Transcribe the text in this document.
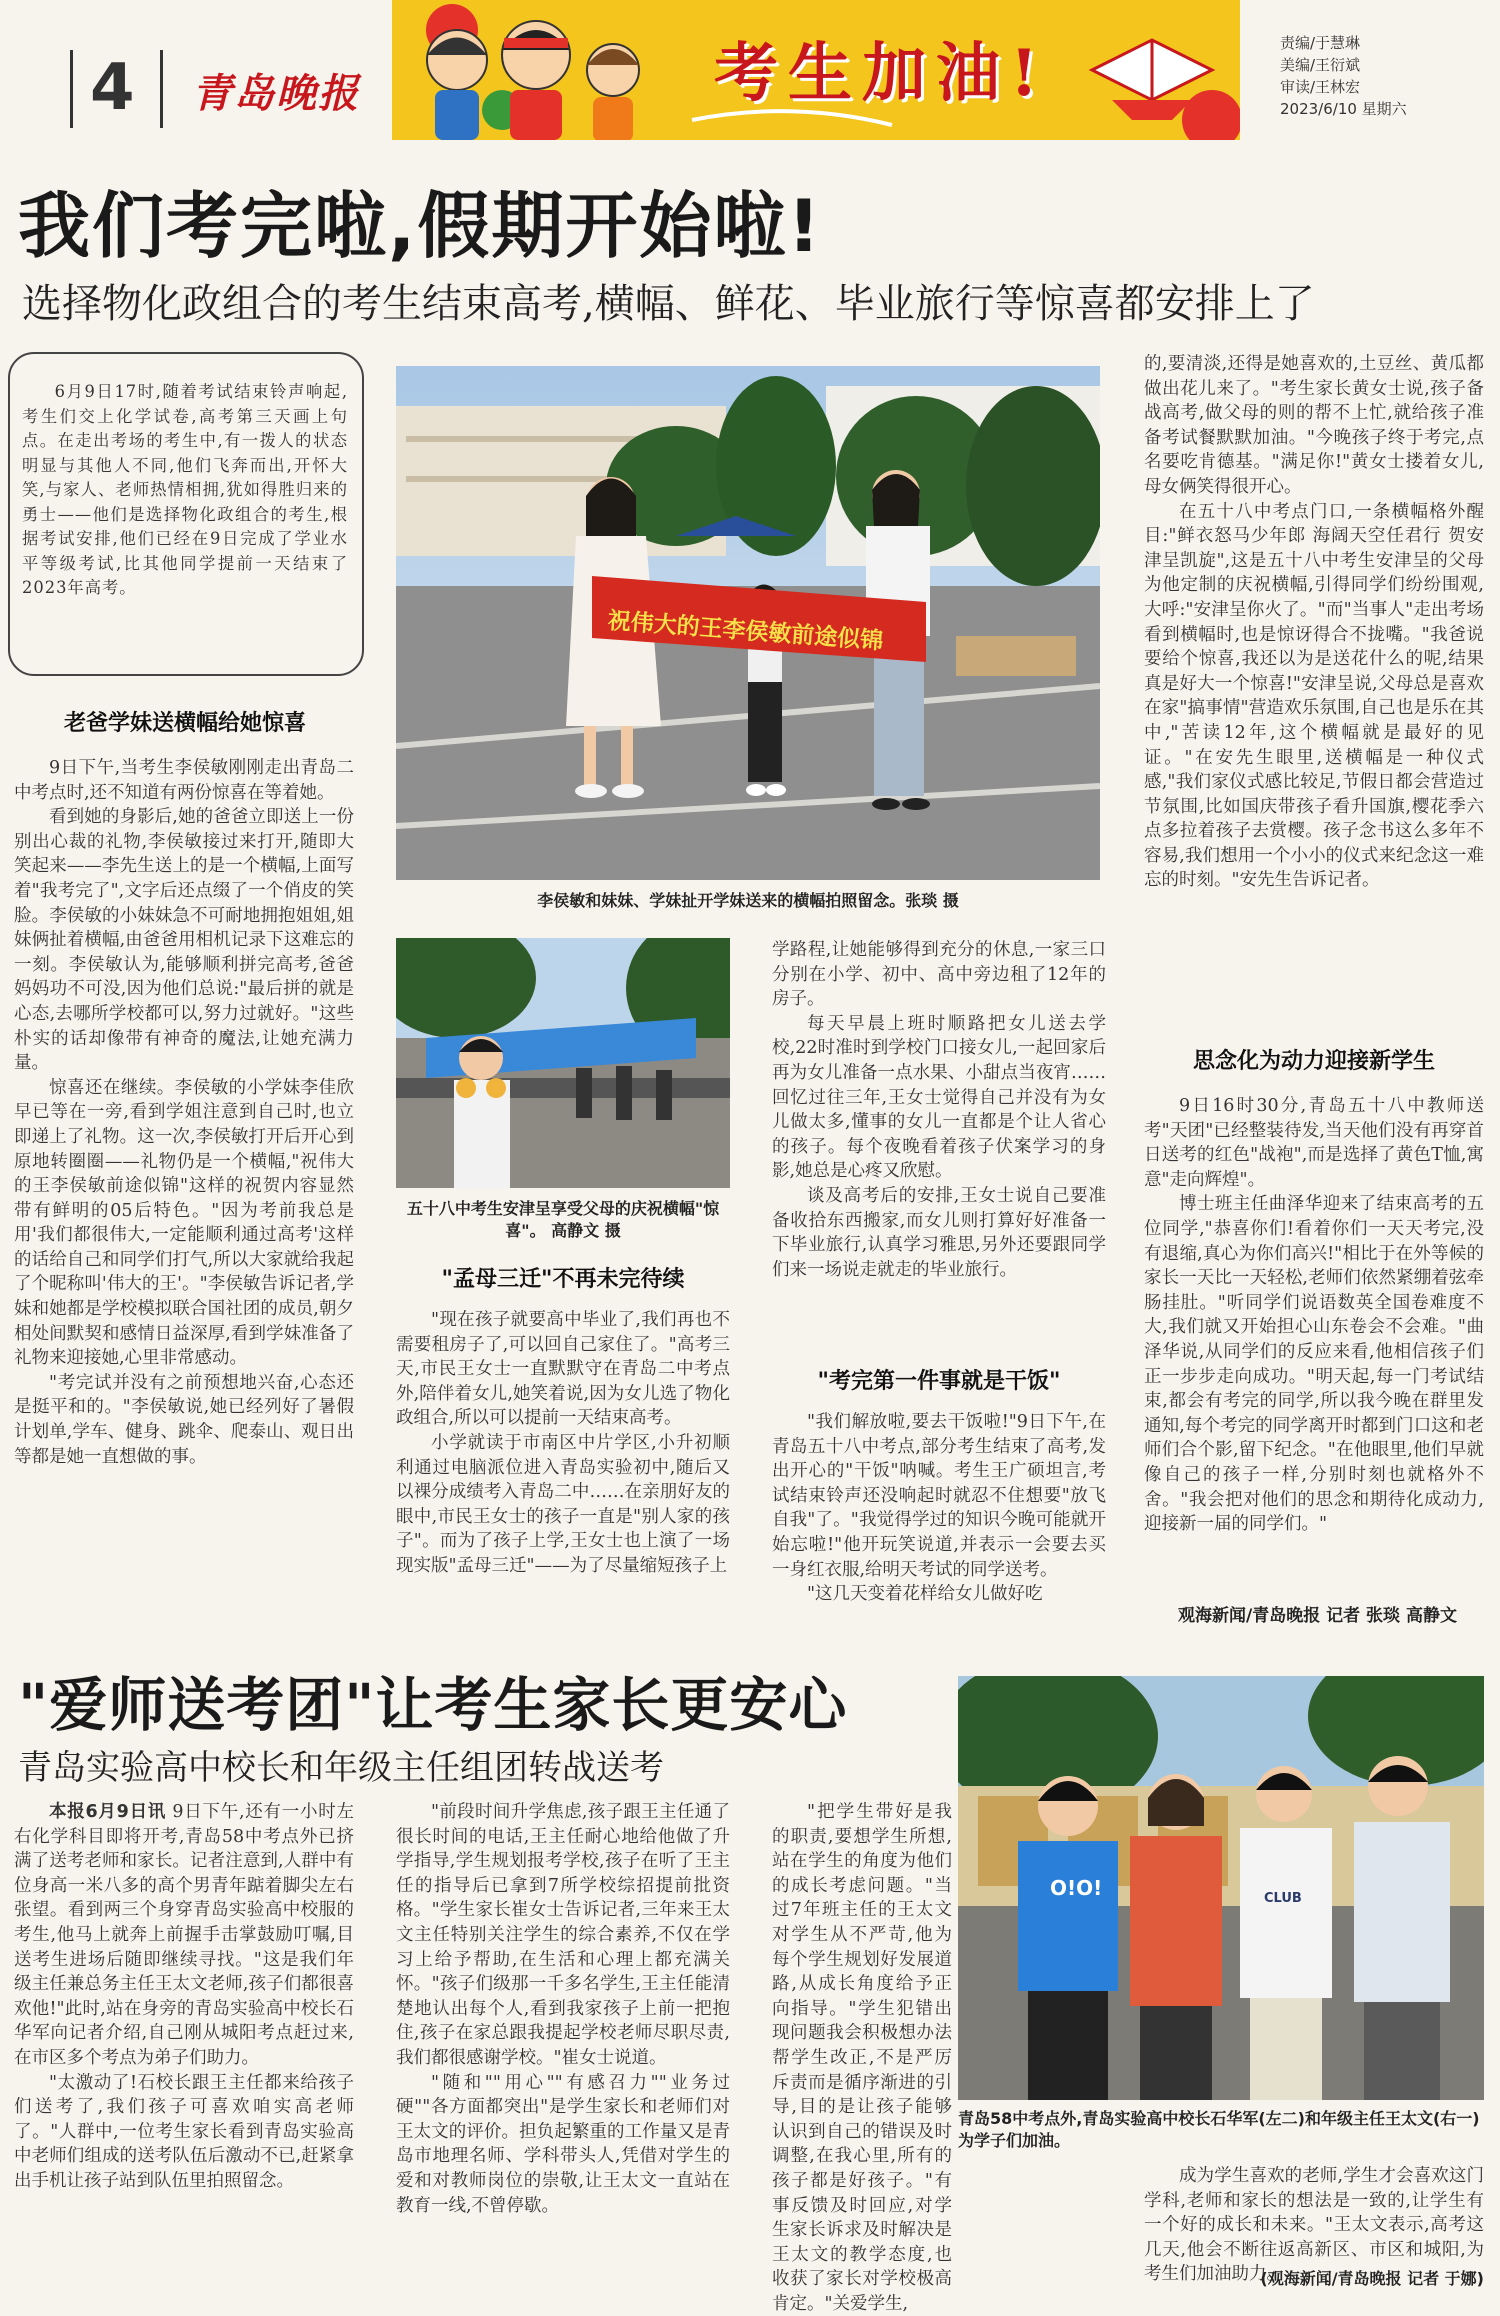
4 青岛晚报	考生加油!	责编/于慧琳
美编/王衍斌
审读/王林宏
2023/6/10 星期六
我们考完啦,假期开始啦!
选择物化政组合的考生结束高考,横幅、鲜花、毕业旅行等惊喜都安排上了
6月9日17时,随着考试结束铃声响起,考生们交上化学试卷,高考第三天画上句点。在走出考场的考生中,有一拨人的状态明显与其他人不同,他们飞奔而出,开怀大笑,与家人、老师热情相拥,犹如得胜归来的勇士——他们是选择物化政组合的考生,根据考试安排,他们已经在9日完成了学业水平等级考试,比其他同学提前一天结束了2023年高考。
老爸学妹送横幅给她惊喜

9日下午,当考生李侯敏刚刚走出青岛二中考点时,还不知道有两份惊喜在等着她。

看到她的身影后,她的爸爸立即送上一份别出心裁的礼物,李侯敏接过来打开,随即大笑起来——李先生送上的是一个横幅,上面写着"我考完了",文字后还点缀了一个俏皮的笑脸。李侯敏的小妹妹急不可耐地拥抱姐姐,姐妹俩扯着横幅,由爸爸用相机记录下这难忘的一刻。李侯敏认为,能够顺利拼完高考,爸爸妈妈功不可没,因为他们总说:"最后拼的就是心态,去哪所学校都可以,努力过就好。"这些朴实的话却像带有神奇的魔法,让她充满力量。

惊喜还在继续。李侯敏的小学妹李佳欣早已等在一旁,看到学姐注意到自己时,也立即递上了礼物。这一次,李侯敏打开后开心到原地转圈圈——礼物仍是一个横幅,"祝伟大的王李侯敏前途似锦"这样的祝贺内容显然带有鲜明的05后特色。"因为考前我总是用'我们都很伟大,一定能顺利通过高考'这样的话给自己和同学们打气,所以大家就给我起了个昵称叫'伟大的王'。"李侯敏告诉记者,学妹和她都是学校模拟联合国社团的成员,朝夕相处间默契和感情日益深厚,看到学妹准备了礼物来迎接她,心里非常感动。

"考完试并没有之前预想地兴奋,心态还是挺平和的。"李侯敏说,她已经列好了暑假计划单,学车、健身、跳伞、爬泰山、观日出等都是她一直想做的事。

祝伟大的王李侯敏前途似锦
李侯敏和妹妹、学妹扯开学妹送来的横幅拍照留念。张琰 摄
五十八中考生安津呈享受父母的庆祝横幅"惊喜"。 高静文 摄
"孟母三迁"不再未完待续

"现在孩子就要高中毕业了,我们再也不需要租房子了,可以回自己家住了。"高考三天,市民王女士一直默默守在青岛二中考点外,陪伴着女儿,她笑着说,因为女儿选了物化政组合,所以可以提前一天结束高考。

小学就读于市南区中片学区,小升初顺利通过电脑派位进入青岛实验初中,随后又以裸分成绩考入青岛二中……在亲朋好友的眼中,市民王女士的孩子一直是"别人家的孩子"。而为了孩子上学,王女士也上演了一场现实版"孟母三迁"——为了尽量缩短孩子上

学路程,让她能够得到充分的休息,一家三口分别在小学、初中、高中旁边租了12年的房子。

每天早晨上班时顺路把女儿送去学校,22时准时到学校门口接女儿,一起回家后再为女儿准备一点水果、小甜点当夜宵……回忆过往三年,王女士觉得自己并没有为女儿做太多,懂事的女儿一直都是个让人省心的孩子。每个夜晚看着孩子伏案学习的身影,她总是心疼又欣慰。

谈及高考后的安排,王女士说自己要准备收拾东西搬家,而女儿则打算好好准备一下毕业旅行,认真学习雅思,另外还要跟同学们来一场说走就走的毕业旅行。

"考完第一件事就是干饭"

"我们解放啦,要去干饭啦!"9日下午,在青岛五十八中考点,部分考生结束了高考,发出开心的"干饭"呐喊。考生王广硕坦言,考试结束铃声还没响起时就忍不住想要"放飞自我"了。"我觉得学过的知识今晚可能就开始忘啦!"他开玩笑说道,并表示一会要去买一身红衣服,给明天考试的同学送考。

"这几天变着花样给女儿做好吃

的,要清淡,还得是她喜欢的,土豆丝、黄瓜都做出花儿来了。"考生家长黄女士说,孩子备战高考,做父母的则的帮不上忙,就给孩子准备考试餐默默加油。"今晚孩子终于考完,点名要吃肯德基。"满足你!"黄女士搂着女儿,母女俩笑得很开心。

在五十八中考点门口,一条横幅格外醒目:"鲜衣怒马少年郎 海阔天空任君行 贺安津呈凯旋",这是五十八中考生安津呈的父母为他定制的庆祝横幅,引得同学们纷纷围观,大呼:"安津呈你火了。"而"当事人"走出考场看到横幅时,也是惊讶得合不拢嘴。"我爸说要给个惊喜,我还以为是送花什么的呢,结果真是好大一个惊喜!"安津呈说,父母总是喜欢在家"搞事情"营造欢乐氛围,自己也是乐在其中,"苦读12年,这个横幅就是最好的见证。"在安先生眼里,送横幅是一种仪式感,"我们家仪式感比较足,节假日都会营造过节氛围,比如国庆带孩子看升国旗,樱花季六点多拉着孩子去赏樱。孩子念书这么多年不容易,我们想用一个小小的仪式来纪念这一难忘的时刻。"安先生告诉记者。

思念化为动力迎接新学生

9日16时30分,青岛五十八中教师送考"天团"已经整装待发,当天他们没有再穿首日送考的红色"战袍",而是选择了黄色T恤,寓意"走向辉煌"。

博士班主任曲泽华迎来了结束高考的五位同学,"恭喜你们!看着你们一天天考完,没有退缩,真心为你们高兴!"相比于在外等候的家长一天比一天轻松,老师们依然紧绷着弦牵肠挂肚。"听同学们说语数英全国卷难度不大,我们就又开始担心山东卷会不会难。"曲泽华说,从同学们的反应来看,他相信孩子们正一步步走向成功。"明天起,每一门考试结束,都会有考完的同学,所以我今晚在群里发通知,每个考完的同学离开时都到门口这和老师们合个影,留下纪念。"在他眼里,他们早就像自己的孩子一样,分别时刻也就格外不舍。"我会把对他们的思念和期待化成动力,迎接新一届的同学们。"

观海新闻/青岛晚报 记者 张琰 高静文
"爱师送考团"让考生家长更安心
青岛实验高中校长和年级主任组团转战送考

本报6月9日讯 9日下午,还有一小时左右化学科目即将开考,青岛58中考点外已挤满了送考老师和家长。记者注意到,人群中有位身高一米八多的高个男青年踮着脚尖左右张望。看到两三个身穿青岛实验高中校服的考生,他马上就奔上前握手击掌鼓励叮嘱,目送考生进场后随即继续寻找。"这是我们年级主任兼总务主任王太文老师,孩子们都很喜欢他!"此时,站在身旁的青岛实验高中校长石华军向记者介绍,自己刚从城阳考点赶过来,在市区多个考点为弟子们助力。

"太激动了!石校长跟王主任都来给孩子们送考了,我们孩子可喜欢咱实高老师了。"人群中,一位考生家长看到青岛实验高中老师们组成的送考队伍后激动不已,赶紧拿出手机让孩子站到队伍里拍照留念。

"前段时间升学焦虑,孩子跟王主任通了很长时间的电话,王主任耐心地给他做了升学指导,学生规划报考学校,孩子在听了王主任的指导后已拿到7所学校综招提前批资格。"学生家长崔女士告诉记者,三年来王太文主任特别关注学生的综合素养,不仅在学习上给予帮助,在生活和心理上都充满关怀。"孩子们级那一千多名学生,王主任能清楚地认出每个人,看到我家孩子上前一把抱住,孩子在家总跟我提起学校老师尽职尽责,我们都很感谢学校。"崔女士说道。

"随和""用心""有感召力""业务过硬""各方面都突出"是学生家长和老师们对王太文的评价。担负起繁重的工作量又是青岛市地理名师、学科带头人,凭借对学生的爱和对教师岗位的崇敬,让王太文一直站在教育一线,不曾停歇。

"把学生带好是我的职责,要想学生所想,站在学生的角度为他们的成长考虑问题。"当过7年班主任的王太文对学生从不严苛,他为每个学生规划好发展道路,从成长角度给予正向指导。"学生犯错出现问题我会积极想办法帮学生改正,不是严厉斥责而是循序渐进的引导,目的是让孩子能够认识到自己的错误及时调整,在我心里,所有的孩子都是好孩子。"有事反馈及时回应,对学生家长诉求及时解决是王太文的教学态度,也收获了家长对学校极高肯定。"关爱学生,

O!O!	CLUB
青岛58中考点外,青岛实验高中校长石华军(左二)和年级主任王太文(右一)为学子们加油。

成为学生喜欢的老师,学生才会喜欢这门学科,老师和家长的想法是一致的,让学生有一个好的成长和未来。"王太文表示,高考这几天,他会不断往返高新区、市区和城阳,为考生们加油助力。

(观海新闻/青岛晚报 记者 于娜)
